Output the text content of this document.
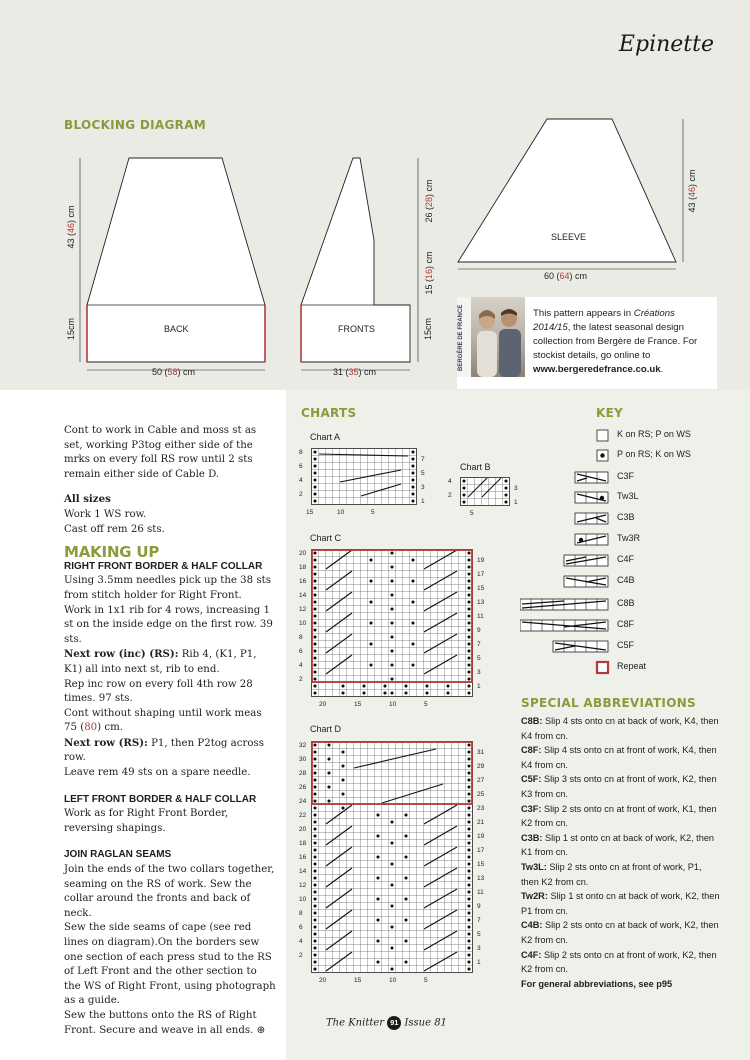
Epinette
BLOCKING DIAGRAM
BACK
43 (46) cm
15cm
50 (58) cm
FRONTS
26 (28) cm
15 (16) cm
15cm
31 (35) cm
SLEEVE
43 (46) cm
60 (64) cm
BERGÈRE DE FRANCE	This pattern appears in Créations 2014/15, the latest seasonal design collection from Bergère de France. For stockist details, go online to www.bergeredefrance.co.uk.
Cont to work in Cable and moss st as set, working P3tog either side of the mrks on every foll RS row until 2 sts remain either side of Cable D.
All sizes
Work 1 WS row.
Cast off rem 26 sts.
MAKING UP
RIGHT FRONT BORDER & HALF COLLAR
Using 3.5mm needles pick up the 38 sts from stitch holder for Right Front.
Work in 1x1 rib for 4 rows, increasing 1 st on the inside edge on the first row. 39 sts.
Next row (inc) (RS): Rib 4, (K1, P1, K1) all into next st, rib to end.
Rep inc row on every foll 4th row 28 times. 97 sts.
Cont without shaping until work meas 75 (80) cm.
Next row (RS): P1, then P2tog across row.
Leave rem 49 sts on a spare needle.
LEFT FRONT BORDER & HALF COLLAR
Work as for Right Front Border, reversing shapings.
JOIN RAGLAN SEAMS
Join the ends of the two collars together, seaming on the RS of work. Sew the collar around the fronts and back of neck.
Sew the side seams of cape (see red lines on diagram).On the borders sew one section of each press stud to the RS of Left Front and the other section to the WS of Right Front, using photograph as a guide.
Sew the buttons onto the RS of Right Front. Secure and weave in all ends. ⊕
CHARTS
Chart A
Chart B
Chart C
Chart D
8
6
4
2
7
5
3
1
15	10	5
4
2
3
1
5
20
18
16
14
12
10
8
6
4
2
19
17
15
13
11
9
7
5
3
1
20	15	10	5
32
30
28
26
24
22
20
18
16
14
12
10
8
6
4
2
31
29
27
25
23
21
19
17
15
13
11
9
7
5
3
1
20	15	10	5
KEY
K on RS; P on WS
P on RS; K on WS
C3F
Tw3L
C3B
Tw3R
C4F
C4B
C8B
C8F
C5F
Repeat
SPECIAL ABBREVIATIONS
C8B: Slip 4 sts onto cn at back of work, K4, then K4 from cn.
C8F: Slip 4 sts onto cn at front of work, K4, then K4 from cn.
C5F: Slip 3 sts onto cn at front of work, K2, then K3 from cn.
C3F: Slip 2 sts onto cn at front of work, K1, then K2 from cn.
C3B: Slip 1 st onto cn at back of work, K2, then K1 from cn.
Tw3L: Slip 2 sts onto cn at front of work, P1, then K2 from cn.
Tw2R: Slip 1 st onto cn at back of work, K2, then P1 from cn.
C4B: Slip 2 sts onto cn at back of work, K2, then K2 from cn.
C4F: Slip 2 sts onto cn at front of work, K2, then K2 from cn.
For general abbreviations, see p95
The Knitter 91 Issue 81
